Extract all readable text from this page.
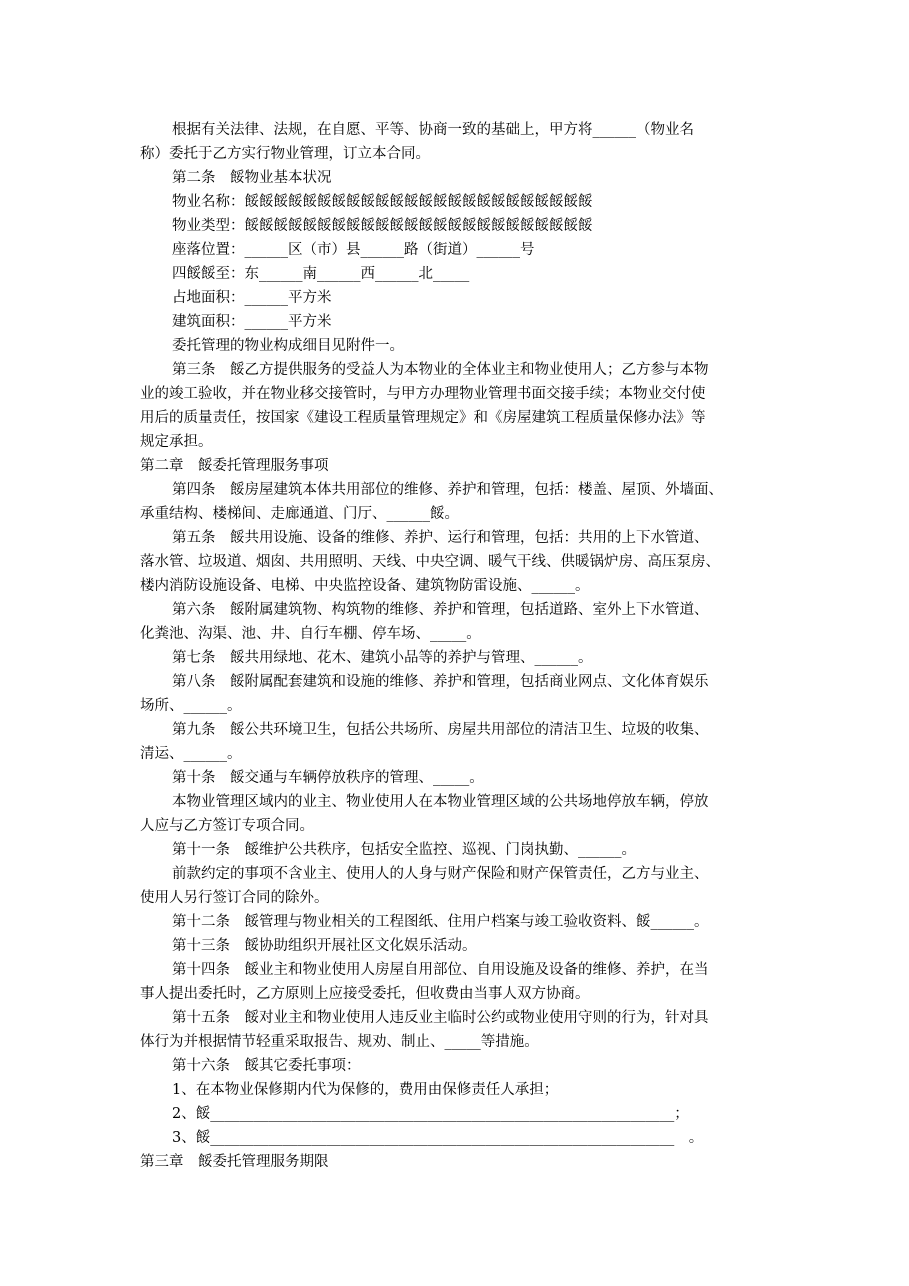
根据有关法律、法规，在自愿、平等、协商一致的基础上，甲方将______（物业名
称）委托于乙方实行物业管理，订立本合同。
第二条　餒物业基本状况
物业名称：餒餒餒餒餒餒餒餒餒餒餒餒餒餒餒餒餒餒餒餒餒餒餒餒
物业类型：餒餒餒餒餒餒餒餒餒餒餒餒餒餒餒餒餒餒餒餒餒餒餒餒
座落位置：______区（市）县______路（街道）______号
四餒餒至：东______南______西______北_____
占地面积：______平方米
建筑面积：______平方米
委托管理的物业构成细目见附件一。
第三条　餒乙方提供服务的受益人为本物业的全体业主和物业使用人；乙方参与本物
业的竣工验收，并在物业移交接管时，与甲方办理物业管理书面交接手续；本物业交付使
用后的质量责任，按国家《建设工程质量管理规定》和《房屋建筑工程质量保修办法》等
规定承担。
第二章　餒委托管理服务事项
第四条　餒房屋建筑本体共用部位的维修、养护和管理，包括：楼盖、屋顶、外墙面、
承重结构、楼梯间、走廊通道、门厅、______餒。
第五条　餒共用设施、设备的维修、养护、运行和管理，包括：共用的上下水管道、
落水管、垃圾道、烟囱、共用照明、天线、中央空调、暖气干线、供暖锅炉房、高压泵房、
楼内消防设施设备、电梯、中央监控设备、建筑物防雷设施、______。
第六条　餒附属建筑物、构筑物的维修、养护和管理，包括道路、室外上下水管道、
化粪池、沟渠、池、井、自行车棚、停车场、_____。
第七条　餒共用绿地、花木、建筑小品等的养护与管理、______。
第八条　餒附属配套建筑和设施的维修、养护和管理，包括商业网点、文化体育娱乐
场所、______。
第九条　餒公共环境卫生，包括公共场所、房屋共用部位的清洁卫生、垃圾的收集、
清运、______。
第十条　餒交通与车辆停放秩序的管理、_____。
本物业管理区域内的业主、物业使用人在本物业管理区域的公共场地停放车辆，停放
人应与乙方签订专项合同。
第十一条　餒维护公共秩序，包括安全监控、巡视、门岗执勤、______。
前款约定的事项不含业主、使用人的人身与财产保险和财产保管责任，乙方与业主、
使用人另行签订合同的除外。
第十二条　餒管理与物业相关的工程图纸、住用户档案与竣工验收资料、餒______。
第十三条　餒协助组织开展社区文化娱乐活动。
第十四条　餒业主和物业使用人房屋自用部位、自用设施及设备的维修、养护，在当
事人提出委托时，乙方原则上应接受委托，但收费由当事人双方协商。
第十五条　餒对业主和物业使用人违反业主临时公约或物业使用守则的行为，针对具
体行为并根据情节轻重采取报告、规劝、制止、_____等措施。
第十六条　餒其它委托事项：
1、在本物业保修期内代为保修的，费用由保修责任人承担；
2、餒________________________________________________________________；
3、餒________________________________________________________________　。
第三章　餒委托管理服务期限
